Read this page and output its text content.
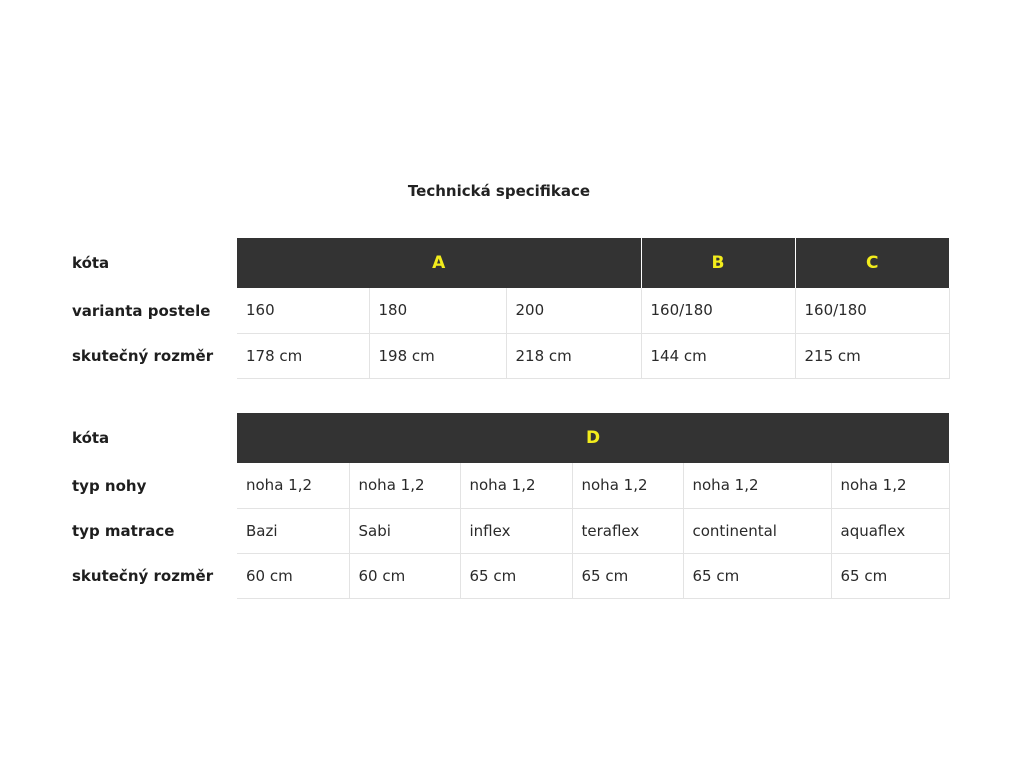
Technická specifikace
kóta	A			B	C
varianta postele	160	180	200	160/180	160/180
skutečný rozměr	178 cm	198 cm	218 cm	144 cm	215 cm
kóta	D					
typ nohy	noha 1,2	noha 1,2	noha 1,2	noha 1,2	noha 1,2	noha 1,2
typ matrace	Bazi	Sabi	inflex	teraflex	continental	aquaflex
skutečný rozměr	60 cm	60 cm	65 cm	65 cm	65 cm	65 cm
